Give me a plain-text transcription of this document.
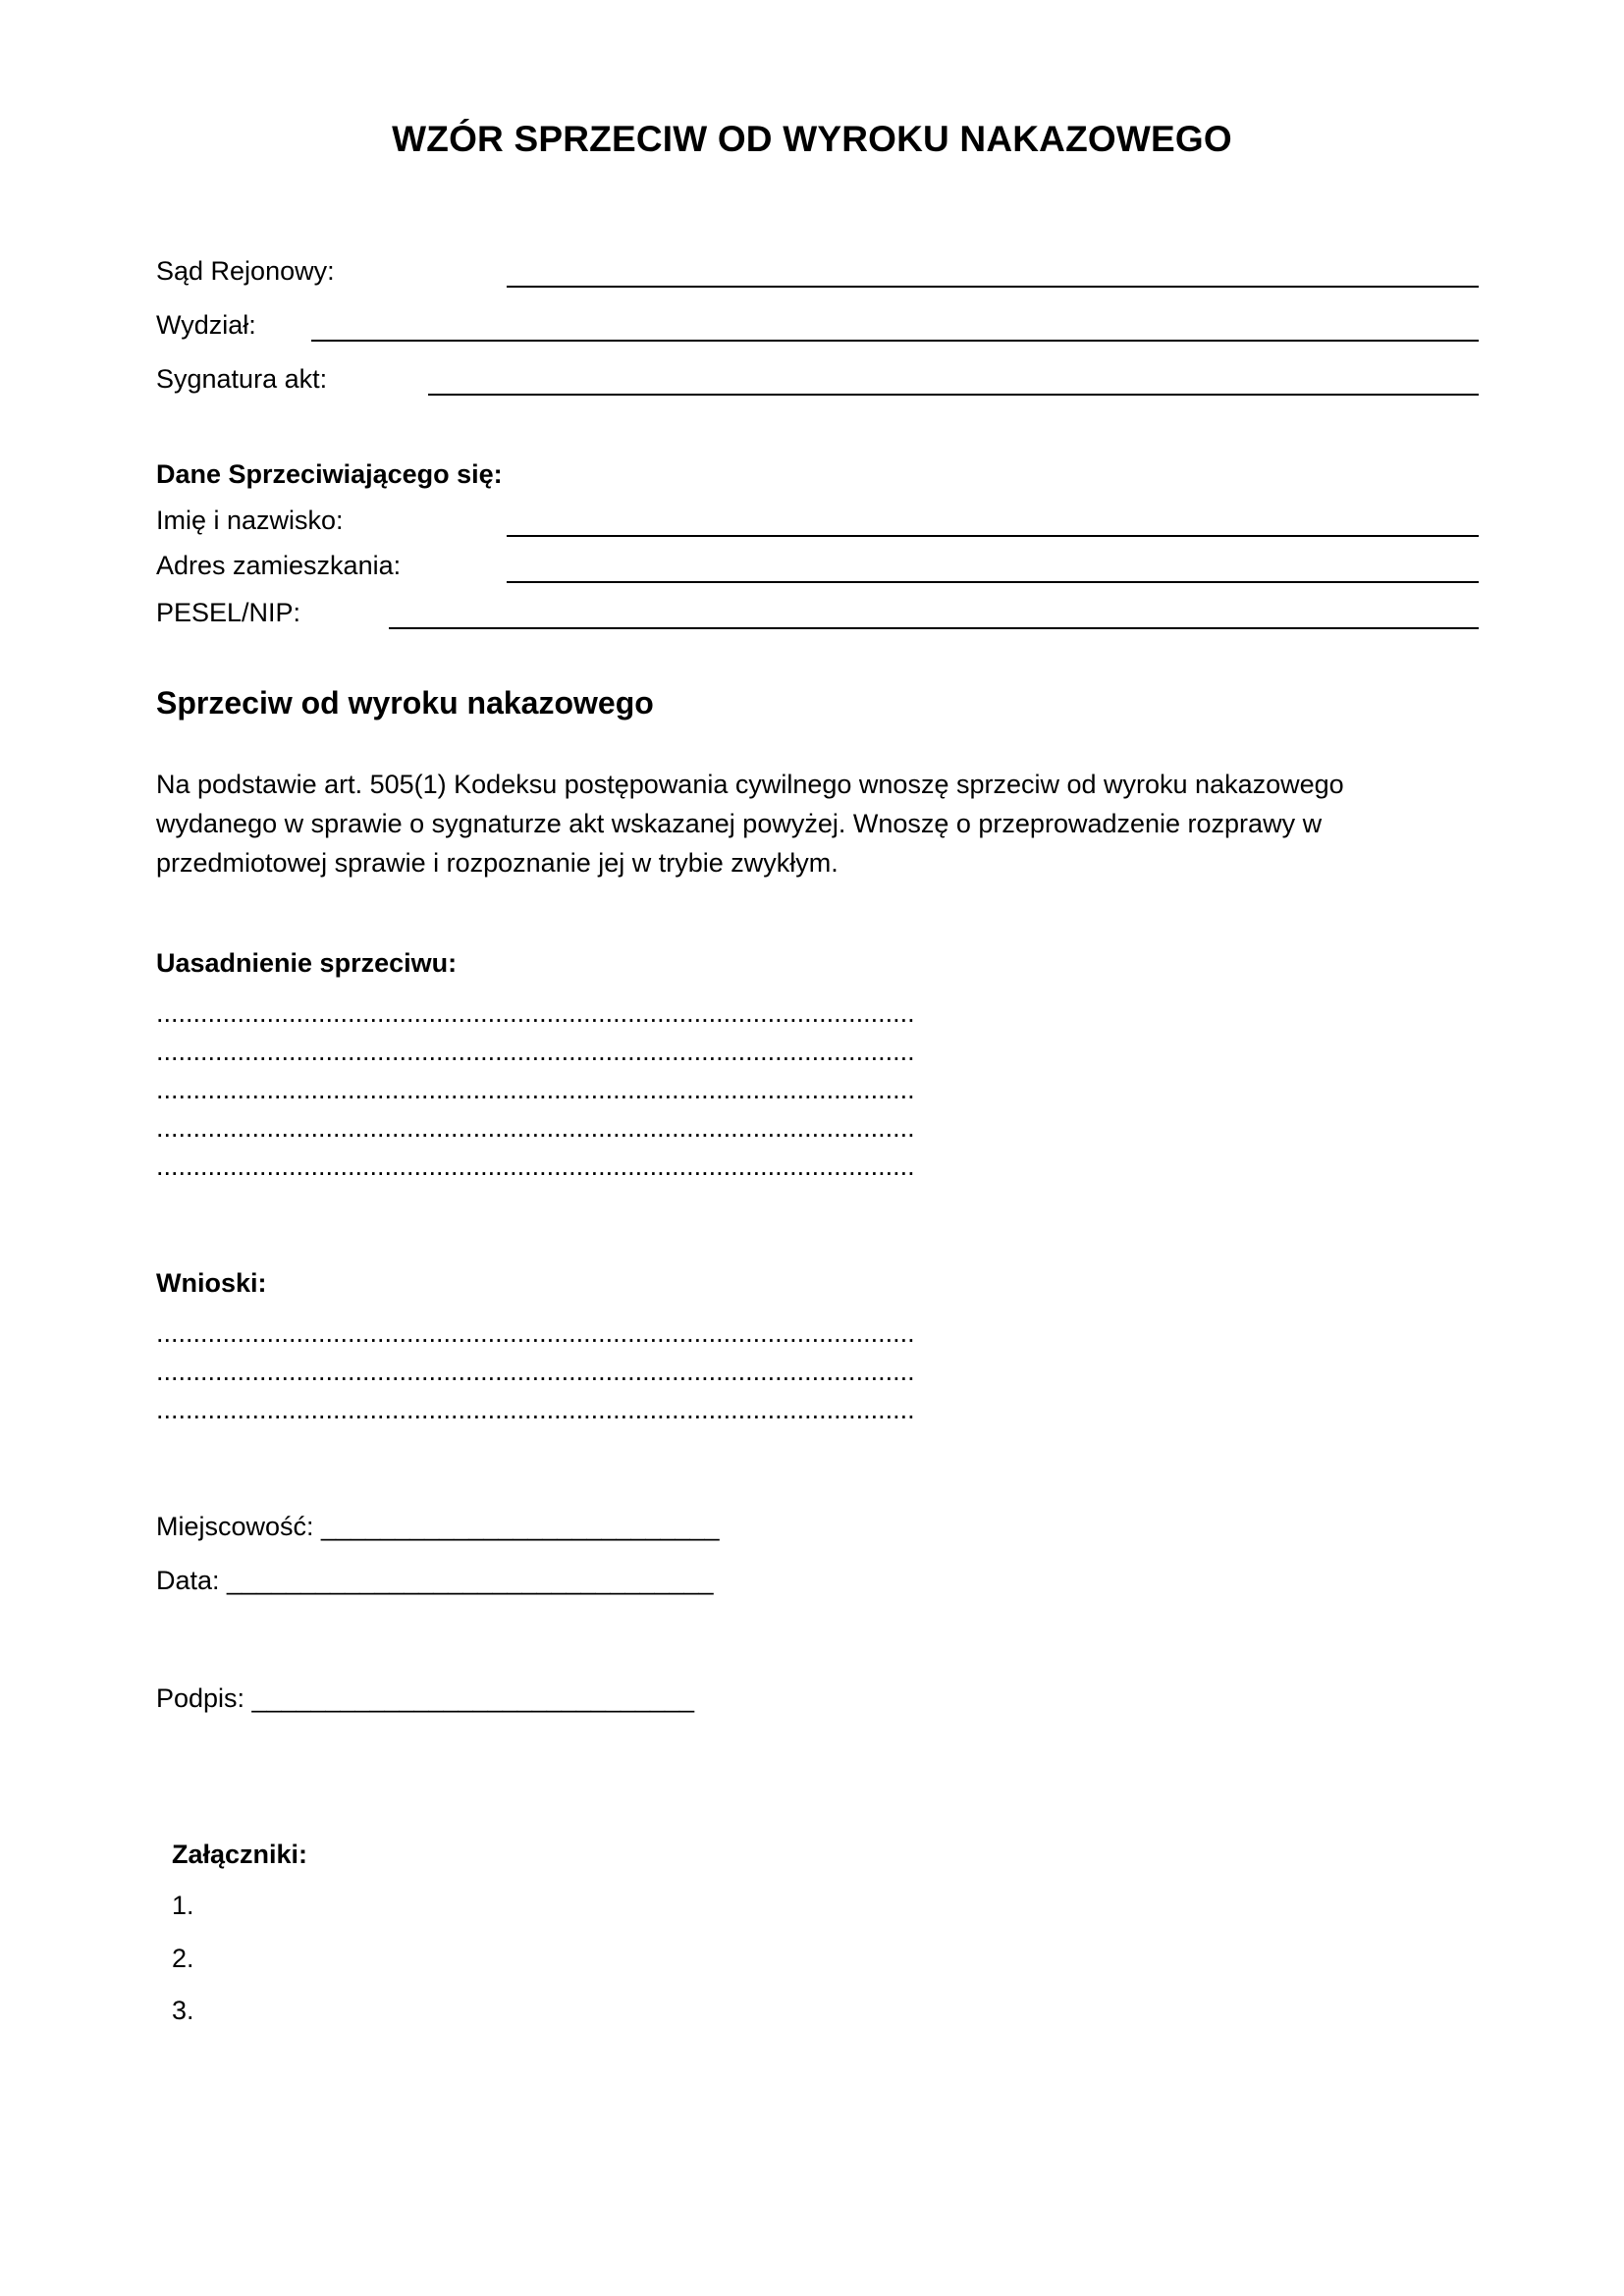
WZÓR SPRZECIW OD WYROKU NAKAZOWEGO
Sąd Rejonowy:
Wydział:
Sygnatura akt:
Dane Sprzeciwiającego się:
Imię i nazwisko:
Adres zamieszkania:
PESEL/NIP:
Sprzeciw od wyroku nakazowego
Na podstawie art. 505(1) Kodeksu postępowania cywilnego wnoszę sprzeciw od wyroku nakazowego
wydanego w sprawie o sygnaturze akt wskazanej powyżej. Wnoszę o przeprowadzenie rozprawy w
przedmiotowej sprawie i rozpoznanie jej w trybie zwykłym.
Uasadnienie sprzeciwu:
.......................................................................................................
.......................................................................................................
.......................................................................................................
.......................................................................................................
.......................................................................................................
Wnioski:
.......................................................................................................
.......................................................................................................
.......................................................................................................
Miejscowość: ___________________________
Data: _________________________________
Podpis: ______________________________
Załączniki:
1.
2.
3.
